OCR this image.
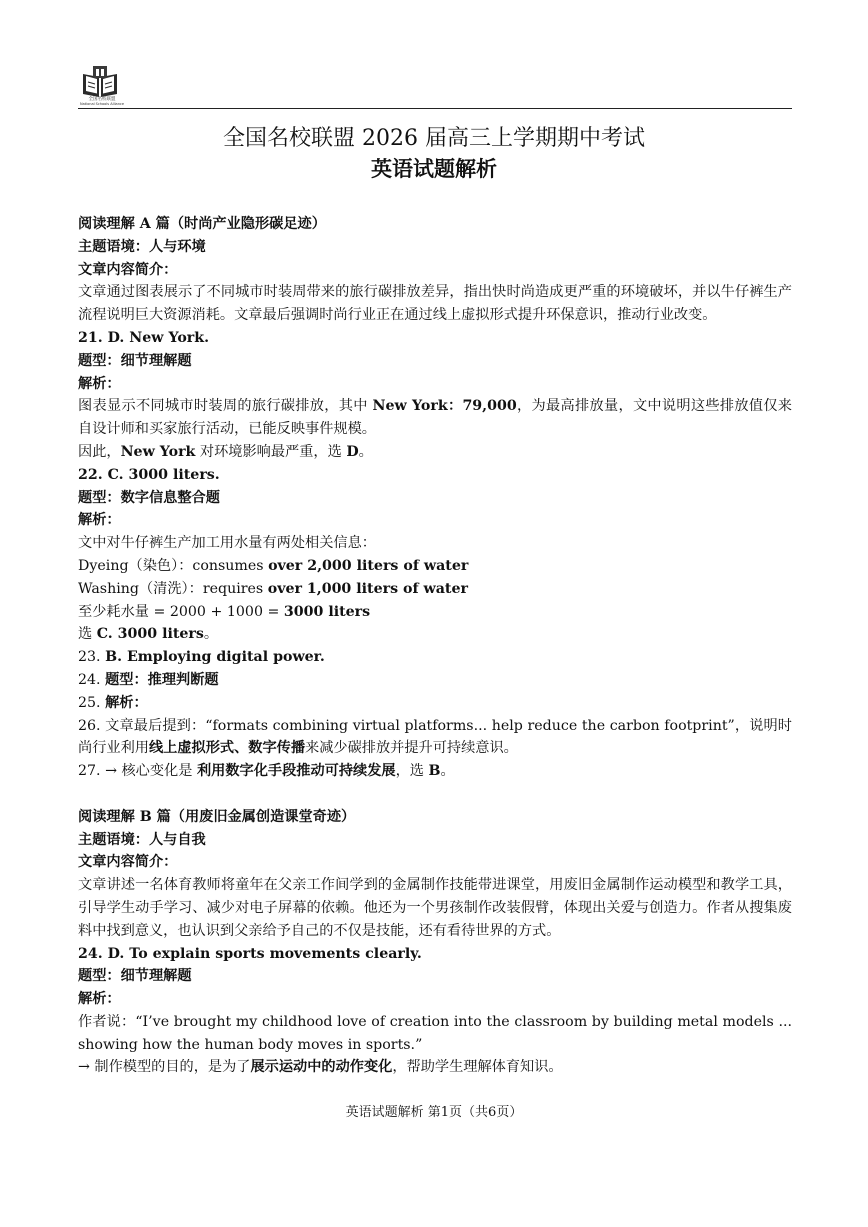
全国名校联盟
National Schools Alliance
全国名校联盟 2026 届高三上学期期中考试
英语试题解析

阅读理解 A 篇（时尚产业隐形碳足迹）

主题语境：人与环境

文章内容简介：

文章通过图表展示了不同城市时装周带来的旅行碳排放差异，指出快时尚造成更严重的环境破坏，并以牛仔裤生产流程说明巨大资源消耗。文章最后强调时尚行业正在通过线上虚拟形式提升环保意识，推动行业改变。

21. D. New York.

题型：细节理解题

解析：

图表显示不同城市时装周的旅行碳排放，其中 New York：79,000，为最高排放量，文中说明这些排放值仅来自设计师和买家旅行活动，已能反映事件规模。

因此，New York 对环境影响最严重，选 D。

22. C. 3000 liters.

题型：数字信息整合题

解析：

文中对牛仔裤生产加工用水量有两处相关信息：

Dyeing（染色）：consumes over 2,000 liters of water

Washing（清洗）：requires over 1,000 liters of water

至少耗水量 = 2000 + 1000 = 3000 liters

选 C. 3000 liters。

23. B. Employing digital power.

24. 题型：推理判断题

25. 解析：

26. 文章最后提到：“formats combining virtual platforms... help reduce the carbon footprint”，说明时尚行业利用线上虚拟形式、数字传播来减少碳排放并提升可持续意识。

27. → 核心变化是 利用数字化手段推动可持续发展，选 B。

阅读理解 B 篇（用废旧金属创造课堂奇迹）

主题语境：人与自我

文章内容简介：

文章讲述一名体育教师将童年在父亲工作间学到的金属制作技能带进课堂，用废旧金属制作运动模型和教学工具，引导学生动手学习、减少对电子屏幕的依赖。他还为一个男孩制作改装假臂，体现出关爱与创造力。作者从搜集废料中找到意义，也认识到父亲给予自己的不仅是技能，还有看待世界的方式。

24. D. To explain sports movements clearly.

题型：细节理解题

解析：

作者说：“I’ve brought my childhood love of creation into the classroom by building metal models ... showing how the human body moves in sports.”

→ 制作模型的目的，是为了展示运动中的动作变化，帮助学生理解体育知识。

英语试题解析 第1页（共6页）
